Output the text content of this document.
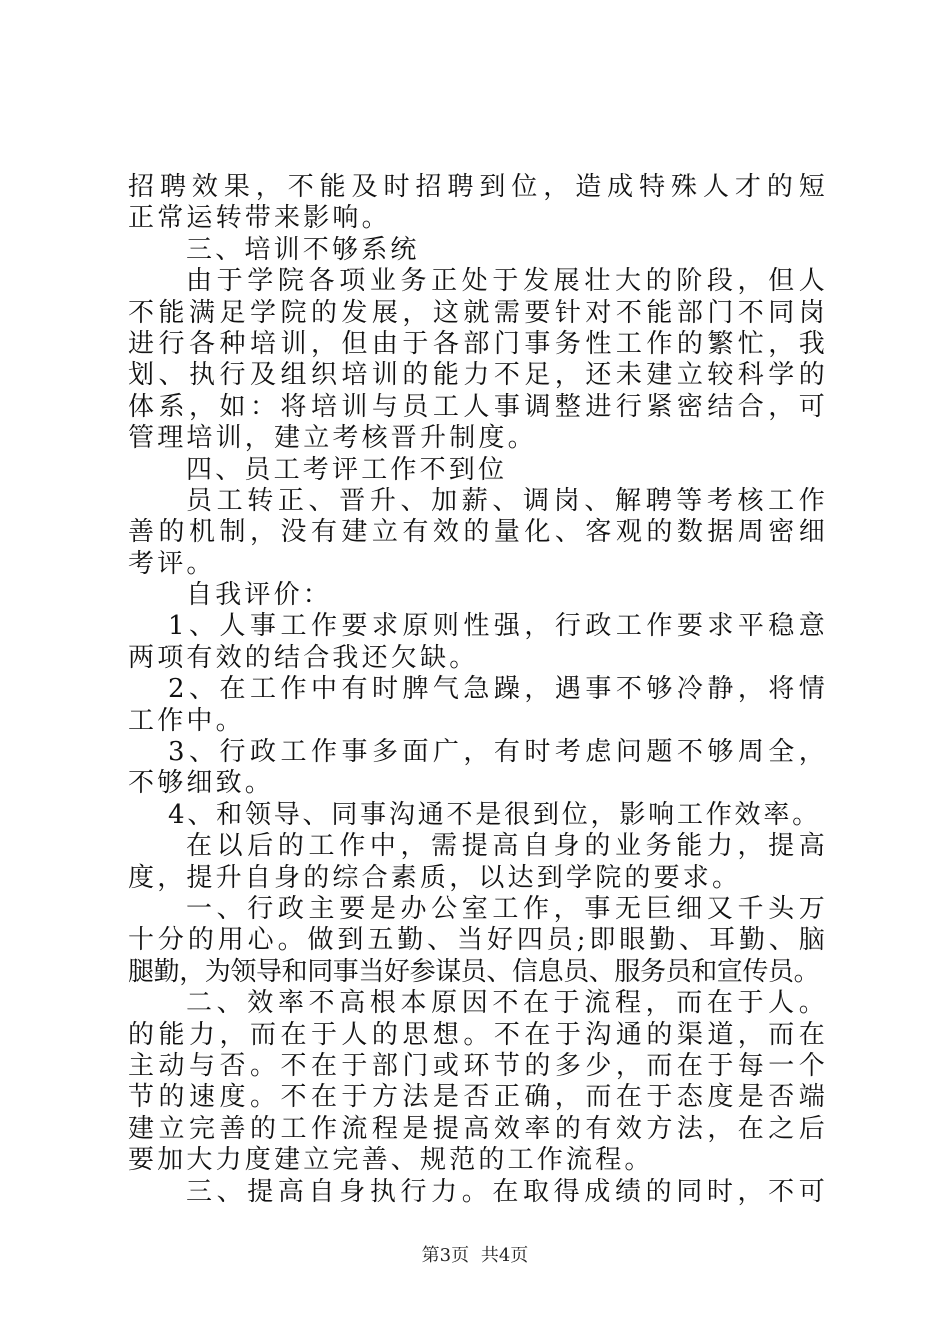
招聘效果，不能及时招聘到位，造成特殊人才的短
正常运转带来影响。
三、培训不够系统
由于学院各项业务正处于发展壮大的阶段，但人
不能满足学院的发展，这就需要针对不能部门不同岗
进行各种培训，但由于各部门事务性工作的繁忙，我
划、执行及组织培训的能力不足，还未建立较科学的
体系，如：将培训与员工人事调整进行紧密结合，可
管理培训，建立考核晋升制度。
四、员工考评工作不到位
员工转正、晋升、加薪、调岗、解聘等考核工作
善的机制，没有建立有效的量化、客观的数据周密细
考评。
自我评价：
1、人事工作要求原则性强，行政工作要求平稳意
两项有效的结合我还欠缺。
2、在工作中有时脾气急躁，遇事不够冷静，将情
工作中。
3、行政工作事多面广，有时考虑问题不够周全，
不够细致。
4、和领导、同事沟通不是很到位，影响工作效率。
在以后的工作中，需提高自身的业务能力，提高
度，提升自身的综合素质，以达到学院的要求。
一、行政主要是办公室工作，事无巨细又千头万
十分的用心。做到五勤、当好四员;即眼勤、耳勤、脑
腿勤，为领导和同事当好参谋员、信息员、服务员和宣传员。
二、效率不高根本原因不在于流程，而在于人。
的能力，而在于人的思想。不在于沟通的渠道，而在
主动与否。不在于部门或环节的多少，而在于每一个
节的速度。不在于方法是否正确，而在于态度是否端
建立完善的工作流程是提高效率的有效方法，在之后
要加大力度建立完善、规范的工作流程。
三、提高自身执行力。在取得成绩的同时，不可
第3页 共4页
